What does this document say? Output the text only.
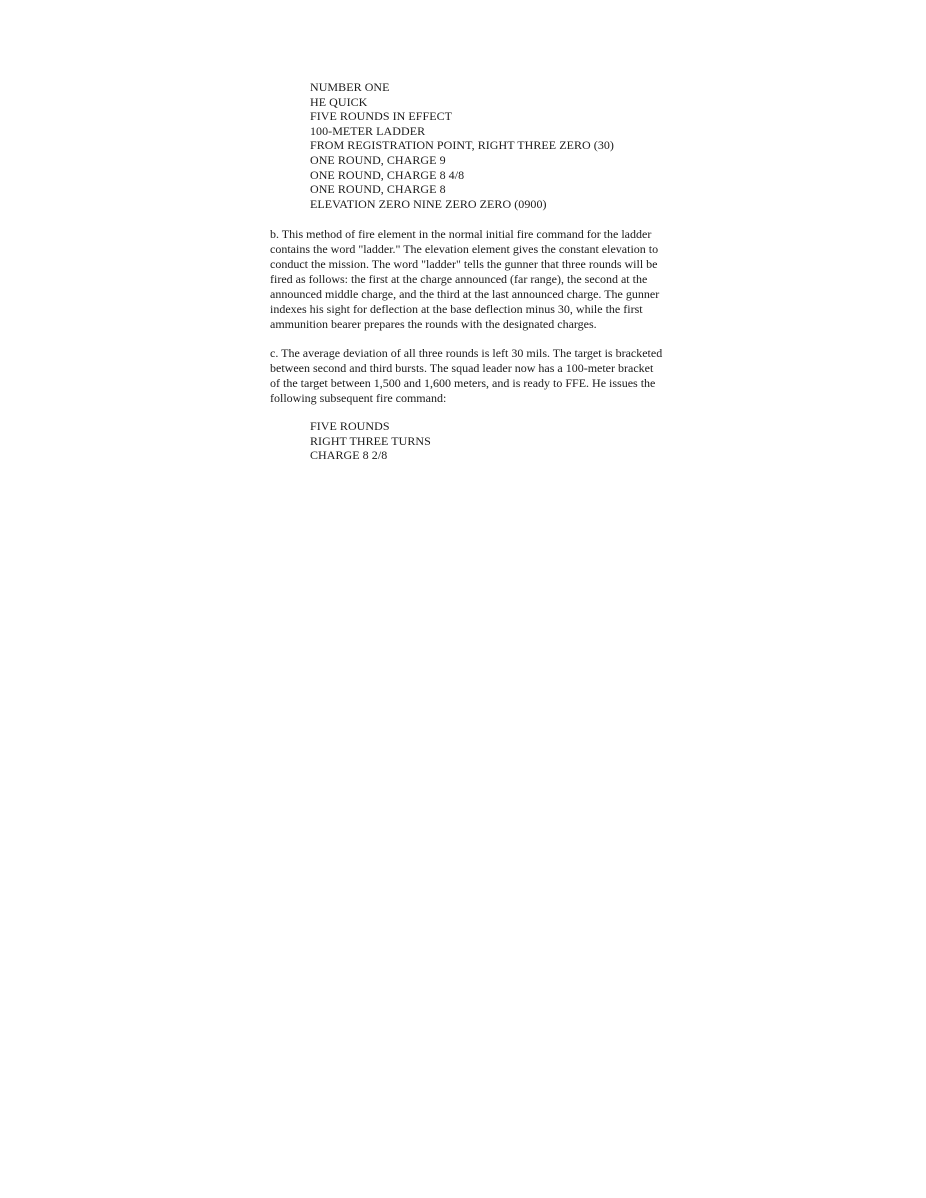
NUMBER ONE
HE QUICK
FIVE ROUNDS IN EFFECT
100-METER LADDER
FROM REGISTRATION POINT, RIGHT THREE ZERO (30)
ONE ROUND, CHARGE 9
ONE ROUND, CHARGE 8 4/8
ONE ROUND, CHARGE 8
ELEVATION ZERO NINE ZERO ZERO (0900)

b. This method of fire element in the normal initial fire command for the ladder
contains the word "ladder." The elevation element gives the constant elevation to
conduct the mission. The word "ladder" tells the gunner that three rounds will be
fired as follows: the first at the charge announced (far range), the second at the
announced middle charge, and the third at the last announced charge. The gunner
indexes his sight for deflection at the base deflection minus 30, while the first
ammunition bearer prepares the rounds with the designated charges.

c. The average deviation of all three rounds is left 30 mils. The target is bracketed
between second and third bursts. The squad leader now has a 100-meter bracket
of the target between 1,500 and 1,600 meters, and is ready to FFE. He issues the
following subsequent fire command:

FIVE ROUNDS
RIGHT THREE TURNS
CHARGE 8 2/8
